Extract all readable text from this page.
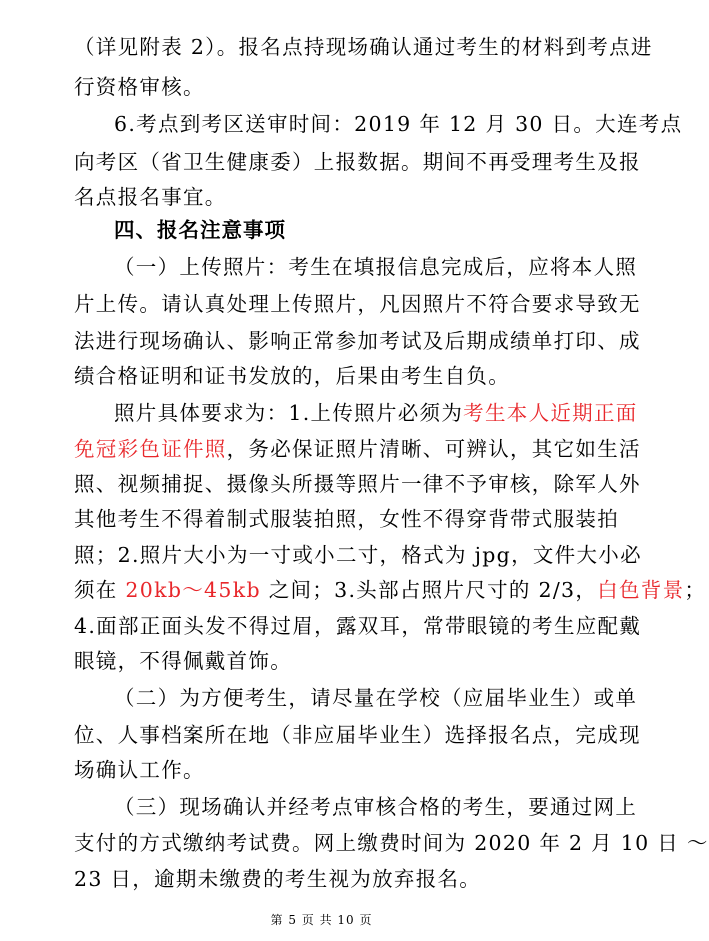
（详见附表 2）。报名点持现场确认通过考生的材料到考点进
行资格审核。
6.考点到考区送审时间：2019 年 12 月 30 日。大连考点
向考区（省卫生健康委）上报数据。期间不再受理考生及报
名点报名事宜。
四、报名注意事项
（一）上传照片：考生在填报信息完成后，应将本人照
片上传。请认真处理上传照片，凡因照片不符合要求导致无
法进行现场确认、影响正常参加考试及后期成绩单打印、成
绩合格证明和证书发放的，后果由考生自负。
照片具体要求为：1.上传照片必须为考生本人近期正面
免冠彩色证件照，务必保证照片清晰、可辨认，其它如生活
照、视频捕捉、摄像头所摄等照片一律不予审核，除军人外
其他考生不得着制式服装拍照，女性不得穿背带式服装拍
照；2.照片大小为一寸或小二寸，格式为 jpg，文件大小必
须在 20kb～45kb 之间；3.头部占照片尺寸的 2/3，白色背景；
4.面部正面头发不得过眉，露双耳，常带眼镜的考生应配戴
眼镜，不得佩戴首饰。
（二）为方便考生，请尽量在学校（应届毕业生）或单
位、人事档案所在地（非应届毕业生）选择报名点，完成现
场确认工作。
（三）现场确认并经考点审核合格的考生，要通过网上
支付的方式缴纳考试费。网上缴费时间为 2020 年 2 月 10 日 ～
23 日，逾期未缴费的考生视为放弃报名。
第 5 页 共 10 页
